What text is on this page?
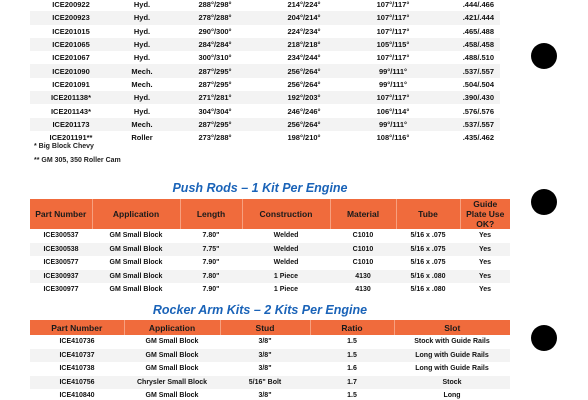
ICE200922	Hyd.	288°/298°	214°/224°	107°/117°	.444/.466
ICE200923	Hyd.	278°/288°	204°/214°	107°/117°	.421/.444
ICE201015	Hyd.	290°/300°	224°/234°	107°/117°	.465/.488
ICE201065	Hyd.	284°/284°	218°/218°	105°/115°	.458/.458
ICE201067	Hyd.	300°/310°	234°/244°	107°/117°	.488/.510
ICE201090	Mech.	287°/295°	256°/264°	99°/111°	.537/.557
ICE201091	Mech.	287°/295°	256°/264°	99°/111°	.504/.504
ICE201138*	Hyd.	271°/281°	192°/203°	107°/117°	.390/.430
ICE201143*	Hyd.	304°/304°	246°/246°	106°/114°	.576/.576
ICE201173	Mech.	287°/295°	256°/264°	99°/111°	.537/.557
ICE201191**	Roller	273°/288°	198°/210°	108°/116°	.435/.462
* Big Block Chevy
** GM 305, 350 Roller Cam
Push Rods – 1 Kit Per Engine
Part Number	Application	Length	Construction	Material	Tube	Guide Plate Use OK?
ICE300537	GM Small Block	7.80"	Welded	C1010	5/16 x .075	Yes
ICE300538	GM Small Block	7.75"	Welded	C1010	5/16 x .075	Yes
ICE300577	GM Small Block	7.90"	Welded	C1010	5/16 x .075	Yes
ICE300937	GM Small Block	7.80"	1 Piece	4130	5/16 x .080	Yes
ICE300977	GM Small Block	7.90"	1 Piece	4130	5/16 x .080	Yes
Rocker Arm Kits – 2 Kits Per Engine
Part Number	Application	Stud	Ratio	Slot
ICE410736	GM Small Block	3/8"	1.5	Stock with Guide Rails
ICE410737	GM Small Block	3/8"	1.5	Long with Guide Rails
ICE410738	GM Small Block	3/8"	1.6	Long with Guide Rails
ICE410756	Chrysler Small Block	5/16" Bolt	1.7	Stock
ICE410840	GM Small Block	3/8"	1.5	Long
